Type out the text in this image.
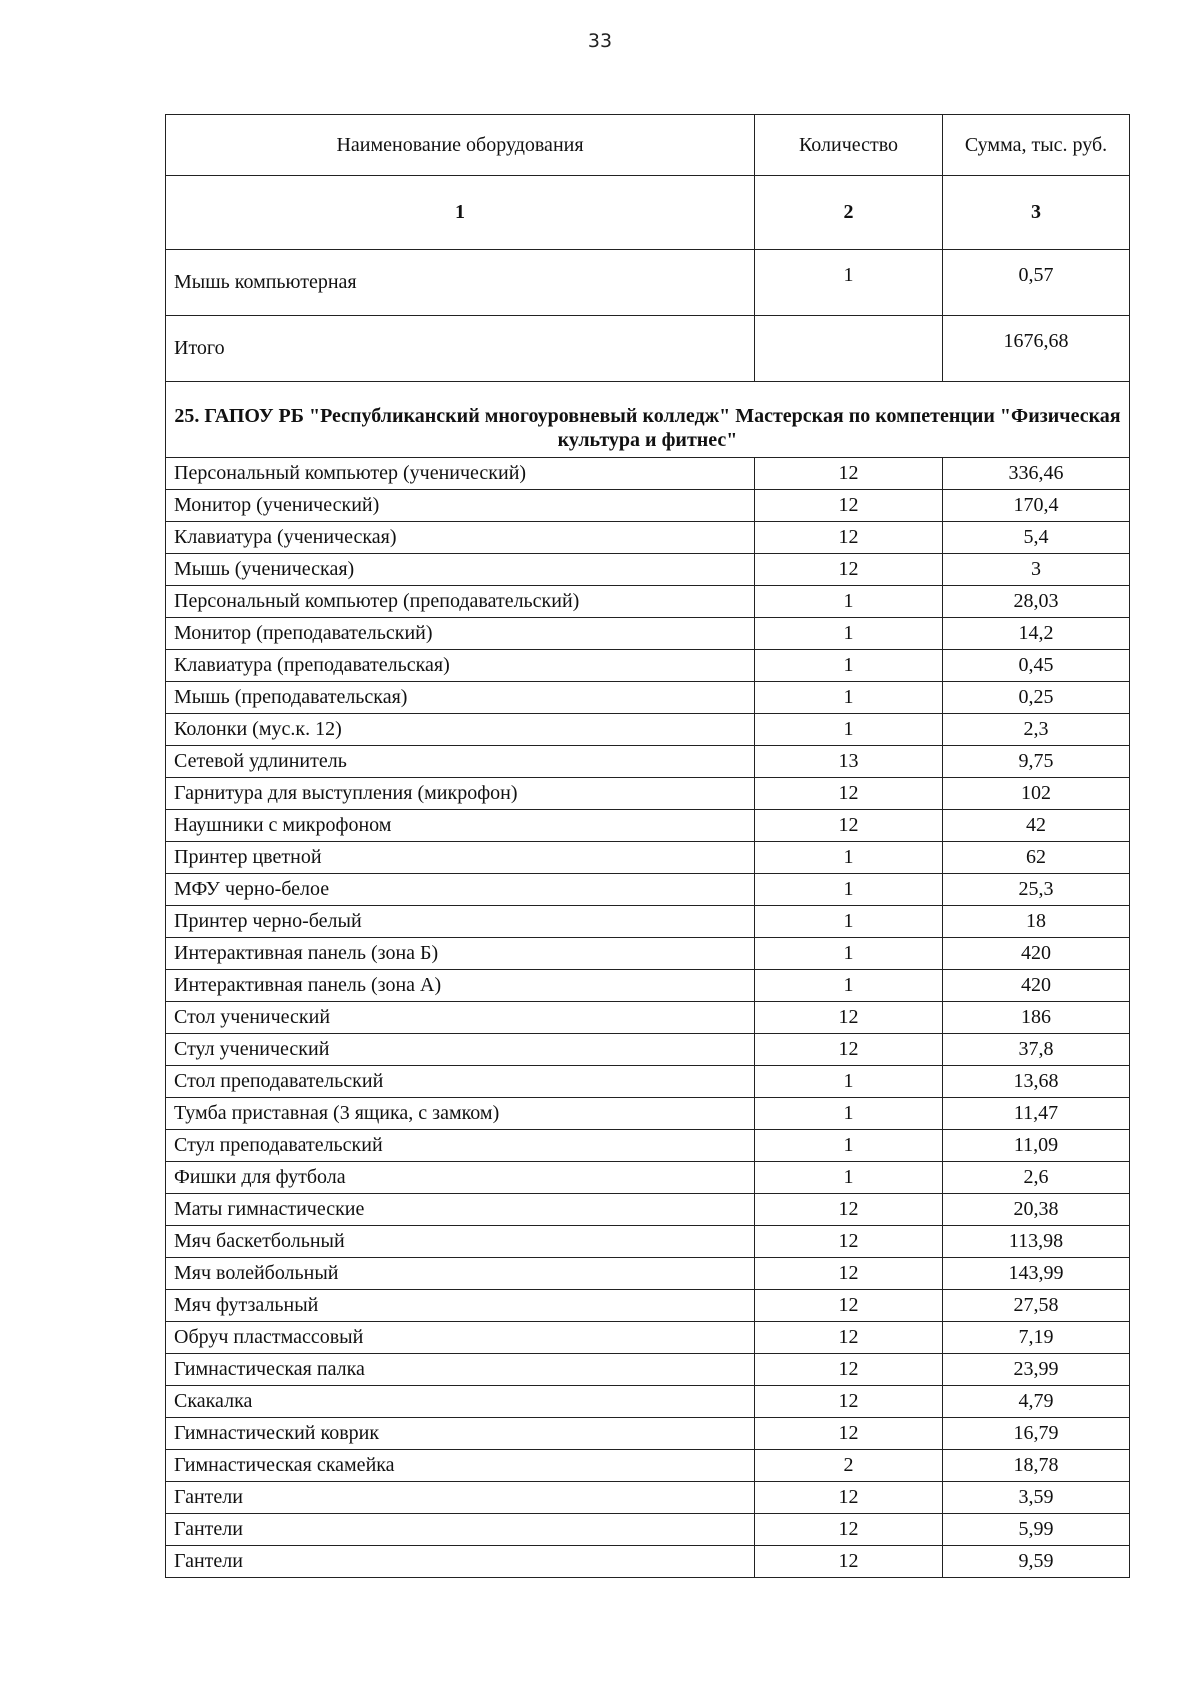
33
Наименование оборудования	Количество	Сумма, тыс. руб.
1	2	3
Мышь компьютерная	1	0,57
Итого		1676,68
25. ГАПОУ РБ "Республиканский многоуровневый колледж" Мастерская по компетенции "Физическая культура и фитнес"		
Персональный компьютер (ученический)	12	336,46
Монитор (ученический)	12	170,4
Клавиатура (ученическая)	12	5,4
Мышь (ученическая)	12	3
Персональный компьютер (преподавательский)	1	28,03
Монитор (преподавательский)	1	14,2
Клавиатура (преподавательская)	1	0,45
Мышь (преподавательская)	1	0,25
Колонки (мус.к. 12)	1	2,3
Сетевой удлинитель	13	9,75
Гарнитура для выступления (микрофон)	12	102
Наушники с микрофоном	12	42
Принтер цветной	1	62
МФУ черно-белое	1	25,3
Принтер черно-белый	1	18
Интерактивная панель (зона Б)	1	420
Интерактивная панель (зона А)	1	420
Стол ученический	12	186
Стул ученический	12	37,8
Стол преподавательский	1	13,68
Тумба приставная (3 ящика, с замком)	1	11,47
Стул преподавательский	1	11,09
Фишки для футбола	1	2,6
Маты гимнастические	12	20,38
Мяч баскетбольный	12	113,98
Мяч волейбольный	12	143,99
Мяч футзальный	12	27,58
Обруч пластмассовый	12	7,19
Гимнастическая палка	12	23,99
Скакалка	12	4,79
Гимнастический коврик	12	16,79
Гимнастическая скамейка	2	18,78
Гантели	12	3,59
Гантели	12	5,99
Гантели	12	9,59
